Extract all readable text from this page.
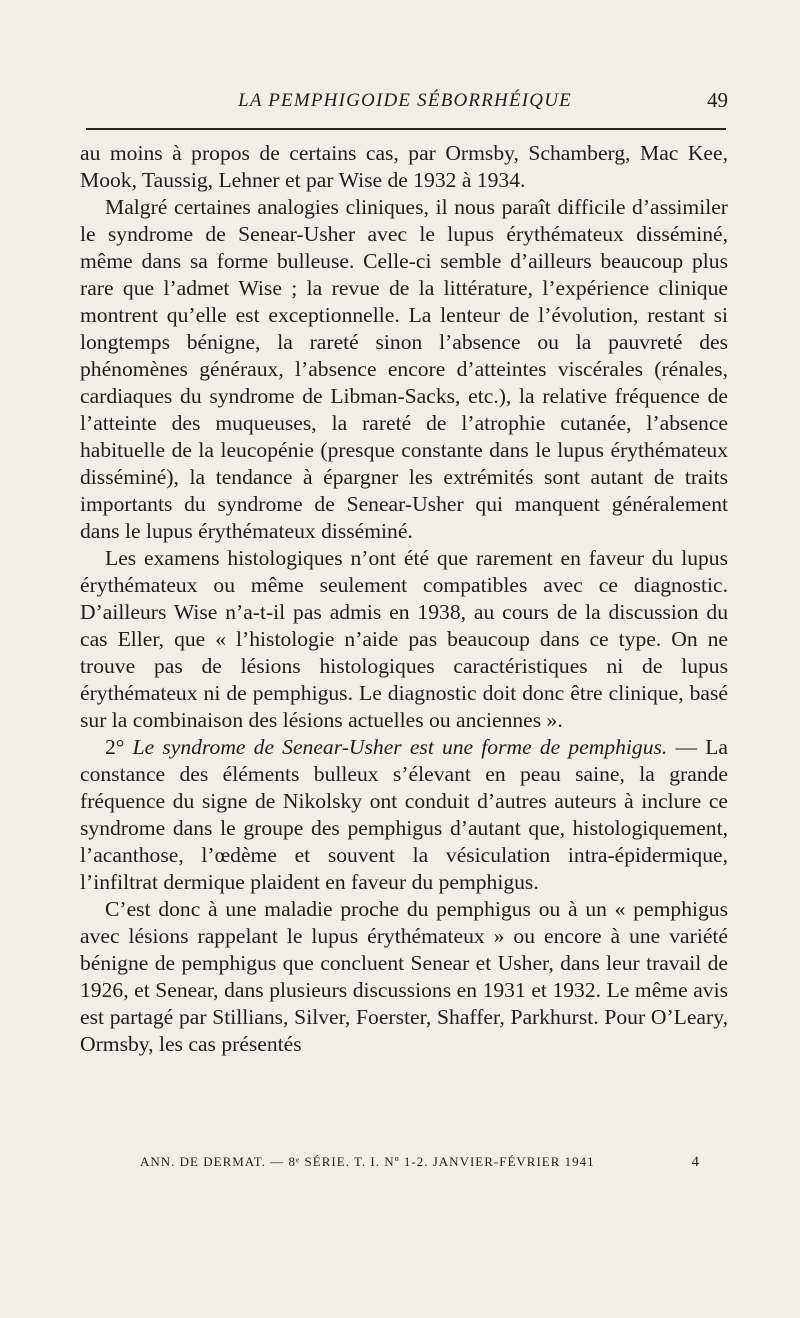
LA PEMPHIGOIDE SÉBORRHÉIQUE	49

au moins à propos de certains cas, par Ormsby, Schamberg, Mac Kee, Mook, Taussig, Lehner et par Wise de 1932 à 1934.

Malgré certaines analogies cliniques, il nous paraît difficile d’assimiler le syndrome de Senear-Usher avec le lupus érythémateux disséminé, même dans sa forme bulleuse. Celle-ci semble d’ailleurs beaucoup plus rare que l’admet Wise ; la revue de la littérature, l’expérience clinique montrent qu’elle est exceptionnelle. La lenteur de l’évolution, restant si longtemps bénigne, la rareté sinon l’absence ou la pauvreté des phénomènes généraux, l’absence encore d’atteintes viscérales (rénales, cardiaques du syndrome de Libman-Sacks, etc.), la relative fréquence de l’atteinte des muqueuses, la rareté de l’atrophie cutanée, l’absence habituelle de la leucopénie (presque constante dans le lupus érythémateux disséminé), la tendance à épargner les extrémités sont autant de traits importants du syndrome de Senear-Usher qui manquent généralement dans le lupus érythémateux disséminé.

Les examens histologiques n’ont été que rarement en faveur du lupus érythémateux ou même seulement compatibles avec ce diagnostic. D’ailleurs Wise n’a-t-il pas admis en 1938, au cours de la discussion du cas Eller, que « l’histologie n’aide pas beaucoup dans ce type. On ne trouve pas de lésions histologiques caractéristiques ni de lupus érythémateux ni de pemphigus. Le diagnostic doit donc être clinique, basé sur la combinaison des lésions actuelles ou anciennes ».

2° Le syndrome de Senear-Usher est une forme de pemphigus. — La constance des éléments bulleux s’élevant en peau saine, la grande fréquence du signe de Nikolsky ont conduit d’autres auteurs à inclure ce syndrome dans le groupe des pemphigus d’autant que, histologiquement, l’acanthose, l’œdème et souvent la vésiculation intra-épidermique, l’infiltrat dermique plaident en faveur du pemphigus.

C’est donc à une maladie proche du pemphigus ou à un « pemphigus avec lésions rappelant le lupus érythémateux » ou encore à une variété bénigne de pemphigus que concluent Senear et Usher, dans leur travail de 1926, et Senear, dans plusieurs discussions en 1931 et 1932. Le même avis est partagé par Stillians, Silver, Foerster, Shaffer, Parkhurst. Pour O’Leary, Ormsby, les cas présentés

ANN. DE DERMAT. — 8ᵉ SÉRIE. T. I. Nº 1-2. JANVIER-FÉVRIER 1941	4
